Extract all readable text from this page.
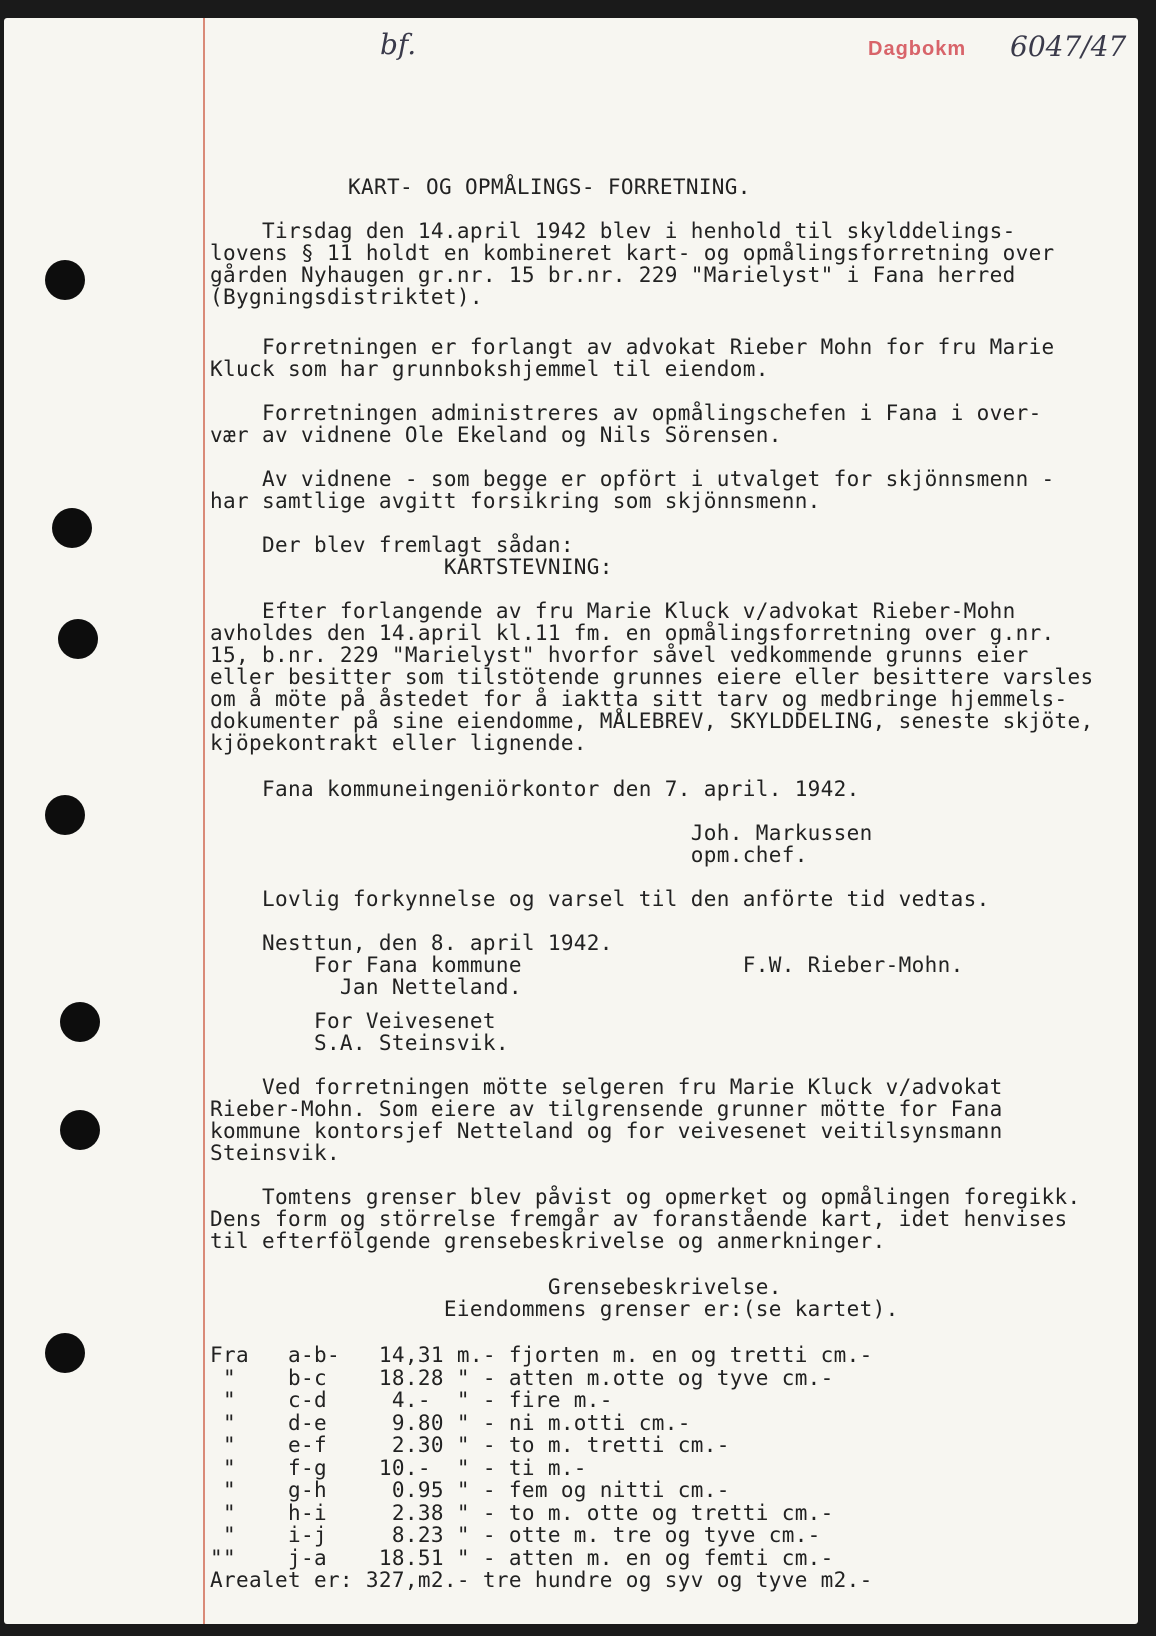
bf.	Dagbokm 6047/47
KART- OG OPMÅLINGS- FORRETNING.
Tirsdag den 14.april 1942 blev i henhold til skylddelings-
lovens § 11 holdt en kombineret kart- og opmålingsforretning over
gården Nyhaugen gr.nr. 15 br.nr. 229 "Marielyst" i Fana herred
(Bygningsdistriktet).
Forretningen er forlangt av advokat Rieber Mohn for fru Marie
Kluck som har grunnbokshjemmel til eiendom.
Forretningen administreres av opmålingschefen i Fana i over-
vær av vidnene Ole Ekeland og Nils Sörensen.
Av vidnene - som begge er opfört i utvalget for skjönnsmenn -
har samtlige avgitt forsikring som skjönnsmenn.
Der blev fremlagt sådan:
KARTSTEVNING:
Efter forlangende av fru Marie Kluck v/advokat Rieber-Mohn
avholdes den 14.april kl.11 fm. en opmålingsforretning over g.nr.
15, b.nr. 229 "Marielyst" hvorfor såvel vedkommende grunns eier
eller besitter som tilstötende grunnes eiere eller besittere varsles
om å möte på åstedet for å iaktta sitt tarv og medbringe hjemmels-
dokumenter på sine eiendomme, MÅLEBREV, SKYLDDELING, seneste skjöte,
kjöpekontrakt eller lignende.
Fana kommuneingeniörkontor den 7. april. 1942.
Joh. Markussen
opm.chef.
Lovlig forkynnelse og varsel til den anförte tid vedtas.
Nesttun, den 8. april 1942.
For Fana kommune                 F.W. Rieber-Mohn.
Jan Netteland.
For Veivesenet
S.A. Steinsvik.
Ved forretningen mötte selgeren fru Marie Kluck v/advokat
Rieber-Mohn. Som eiere av tilgrensende grunner mötte for Fana
kommune kontorsjef Netteland og for veivesenet veitilsynsmann
Steinsvik.
Tomtens grenser blev påvist og opmerket og opmålingen foregikk.
Dens form og störrelse fremgår av foranstående kart, idet henvises
til efterfölgende grensebeskrivelse og anmerkninger.
Grensebeskrivelse.
Eiendommens grenser er:(se kartet).
Fra   a-b-   14,31 m.- fjorten m. en og tretti cm.-
"    b-c    18.28 " - atten m.otte og tyve cm.-
"    c-d     4.-  " - fire m.-
"    d-e     9.80 " - ni m.otti cm.-
"    e-f     2.30 " - to m. tretti cm.-
"    f-g    10.-  " - ti m.-
"    g-h     0.95 " - fem og nitti cm.-
"    h-i     2.38 " - to m. otte og tretti cm.-
"    i-j     8.23 " - otte m. tre og tyve cm.-
""    j-a    18.51 " - atten m. en og femti cm.-
Arealet er: 327,m2.- tre hundre og syv og tyve m2.-
